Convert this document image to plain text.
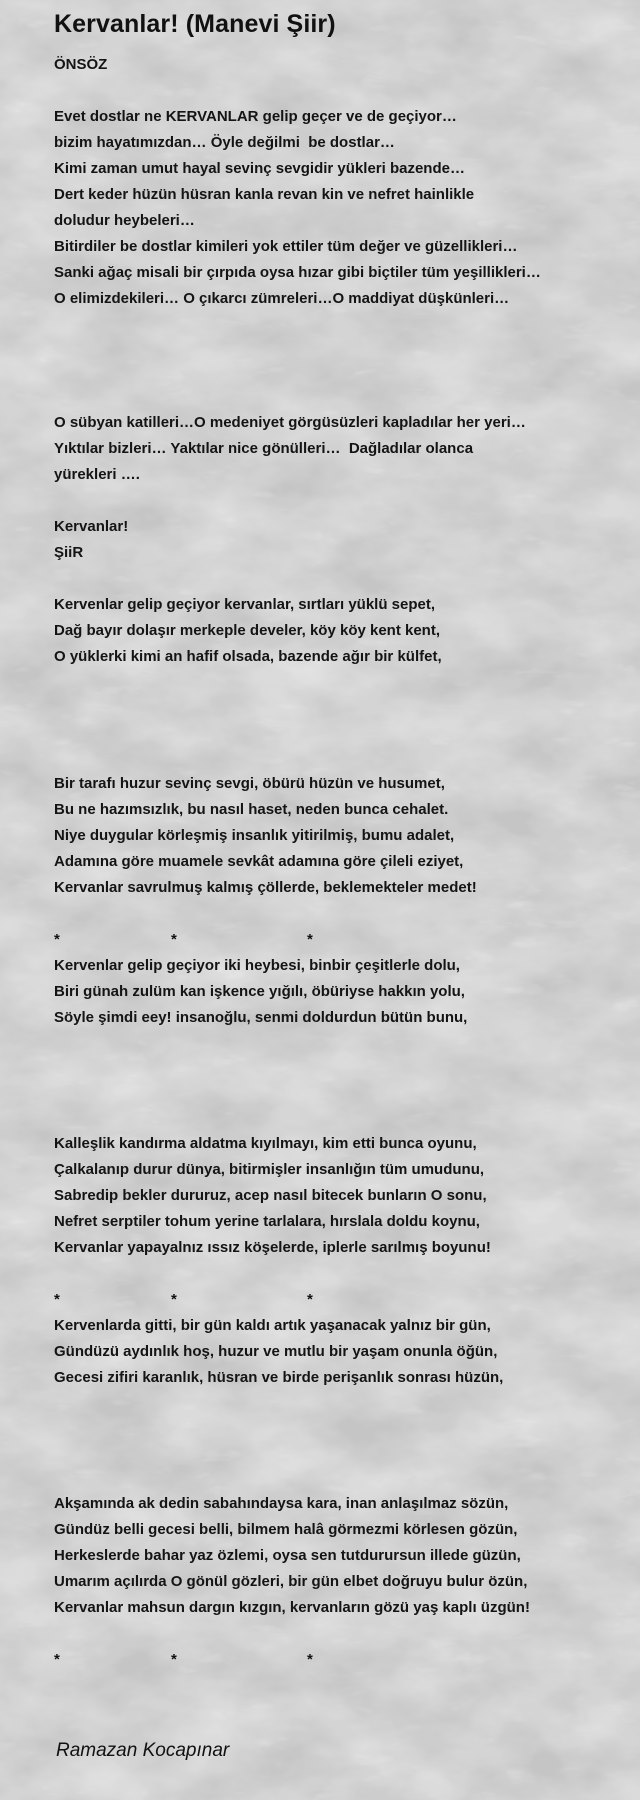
Kervanlar! (Manevi Şiir)
ÖNSÖZ
Evet dostlar ne KERVANLAR gelip geçer ve de geçiyor…
bizim hayatımızdan… Öyle değilmi  be dostlar…
Kimi zaman umut hayal sevinç sevgidir yükleri bazende…
Dert keder hüzün hüsran kanla revan kin ve nefret hainlikle
doludur heybeleri…
Bitirdiler be dostlar kimileri yok ettiler tüm değer ve güzellikleri…
Sanki ağaç misali bir çırpıda oysa hızar gibi biçtiler tüm yeşillikleri…
O elimizdekileri… O çıkarcı zümreleri…O maddiyat düşkünleri…
O sübyan katilleri…O medeniyet görgüsüzleri kapladılar her yeri…
Yıktılar bizleri… Yaktılar nice gönülleri…  Dağladılar olanca
yürekleri ….
Kervanlar!
ŞiiR
Kervenlar gelip geçiyor kervanlar, sırtları yüklü sepet,
Dağ bayır dolaşır merkeple develer, köy köy kent kent,
O yüklerki kimi an hafif olsada, bazende ağır bir külfet,
Bir tarafı huzur sevinç sevgi, öbürü hüzün ve husumet,
Bu ne hazımsızlık, bu nasıl haset, neden bunca cehalet.
Niye duygular körleşmiş insanlık yitirilmiş, bumu adalet,
Adamına göre muamele sevkât adamına göre çileli eziyet,
Kervanlar savrulmuş kalmış çöllerde, beklemekteler medet!
*	*	*
Kervenlar gelip geçiyor iki heybesi, binbir çeşitlerle dolu,
Biri günah zulüm kan işkence yığılı, öbüriyse hakkın yolu,
Söyle şimdi eey! insanoğlu, senmi doldurdun bütün bunu,
Kalleşlik kandırma aldatma kıyılmayı, kim etti bunca oyunu,
Çalkalanıp durur dünya, bitirmişler insanlığın tüm umudunu,
Sabredip bekler dururuz, acep nasıl bitecek bunların O sonu,
Nefret serptiler tohum yerine tarlalara, hırslala doldu koynu,
Kervanlar yapayalnız ıssız köşelerde, iplerle sarılmış boyunu!
*	*	*
Kervenlarda gitti, bir gün kaldı artık yaşanacak yalnız bir gün,
Gündüzü aydınlık hoş, huzur ve mutlu bir yaşam onunla öğün,
Gecesi zifiri karanlık, hüsran ve birde perişanlık sonrası hüzün,
Akşamında ak dedin sabahındaysa kara, inan anlaşılmaz sözün,
Gündüz belli gecesi belli, bilmem halâ görmezmi körlesen gözün,
Herkeslerde bahar yaz özlemi, oysa sen tutdurursun illede güzün,
Umarım açılırda O gönül gözleri, bir gün elbet doğruyu bulur özün,
Kervanlar mahsun dargın kızgın, kervanların gözü yaş kaplı üzgün!
*	*	*
Ramazan Kocapınar
